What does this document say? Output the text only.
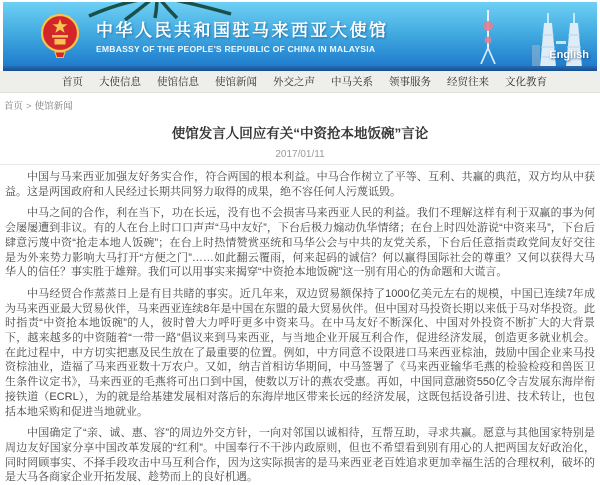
中华人民共和国驻马来西亚大使馆
EMBASSY OF THE PEOPLE'S REPUBLIC OF CHINA IN MALAYSIA	English
首页 大使信息 使馆信息 使馆新闻 外交之声 中马关系 领事服务 经贸往来 文化教育
首页 > 使馆新闻
使馆发言人回应有关“中资抢本地饭碗”言论
2017/01/11

中国与马来西亚加强友好务实合作，符合两国的根本利益。中马合作树立了平等、互利、共赢的典范，双方均从中获益。这是两国政府和人民经过长期共同努力取得的成果，绝不容任何人污蔑诋毁。

中马之间的合作，利在当下，功在长远，没有也不会损害马来西亚人民的利益。我们不理解这样有利于双赢的事为何会屡屡遭到非议。有的人在台上时口口声声“马中友好”，下台后极力煽动仇华情绪；在台上时四处游说“中资来马”，下台后肆意污蔑中资“抢走本地人饭碗”；在台上时热情赞赏巫统和马华公会与中共的友党关系，下台后任意指责政党间友好交往是为外来势力影响大马打开“方便之门”……如此翻云覆雨，何来起码的诚信？何以赢得国际社会的尊重？又何以获得大马华人的信任？事实胜于雄辩。我们可以用事实来揭穿“中资抢本地饭碗”这一别有用心的伪命题和大谎言。

中马经贸合作蒸蒸日上是有目共睹的事实。近几年来，双边贸易额保持了1000亿美元左右的规模，中国已连续7年成为马来西亚最大贸易伙伴，马来西亚连续8年是中国在东盟的最大贸易伙伴。但中国对马投资长期以来低于马对华投资。此时指责“中资抢本地饭碗”的人，彼时曾大力呼吁更多中资来马。在中马友好不断深化、中国对外投资不断扩大的大背景下，越来越多的中资随着“一带一路”倡议来到马来西亚，与当地企业开展互利合作，促进经济发展，创造更多就业机会。在此过程中，中方切实把惠及民生放在了最重要的位置。例如，中方同意不设限进口马来西亚棕油，鼓励中国企业来马投资棕油业，造福了马来西亚数十万农户。又如，纳吉首相访华期间，中马签署了《马来西亚输华毛燕的检验检疫和兽医卫生条件议定书》，马来西亚的毛燕将可出口到中国，使数以万计的燕农受惠。再如，中国同意融资550亿令吉发展东海岸衔接铁道（ECRL），为的就是给基建发展相对落后的东海岸地区带来长远的经济发展，这既包括设备引进、技术转让，也包括本地采购和促进当地就业。

中国确定了“亲、诚、惠、容”的周边外交方针，一向对邻国以诚相待，互帮互助，寻求共赢。愿意与其他国家特别是周边友好国家分享中国改革发展的“红利”。中国奉行不干涉内政原则，但也不希望看到别有用心的人把两国友好政治化，同时罔顾事实、不择手段攻击中马互利合作，因为这实际损害的是马来西亚老百姓追求更加幸福生活的合理权利，破坏的是大马各商家企业开拓发展、趁势而上的良好机遇。
